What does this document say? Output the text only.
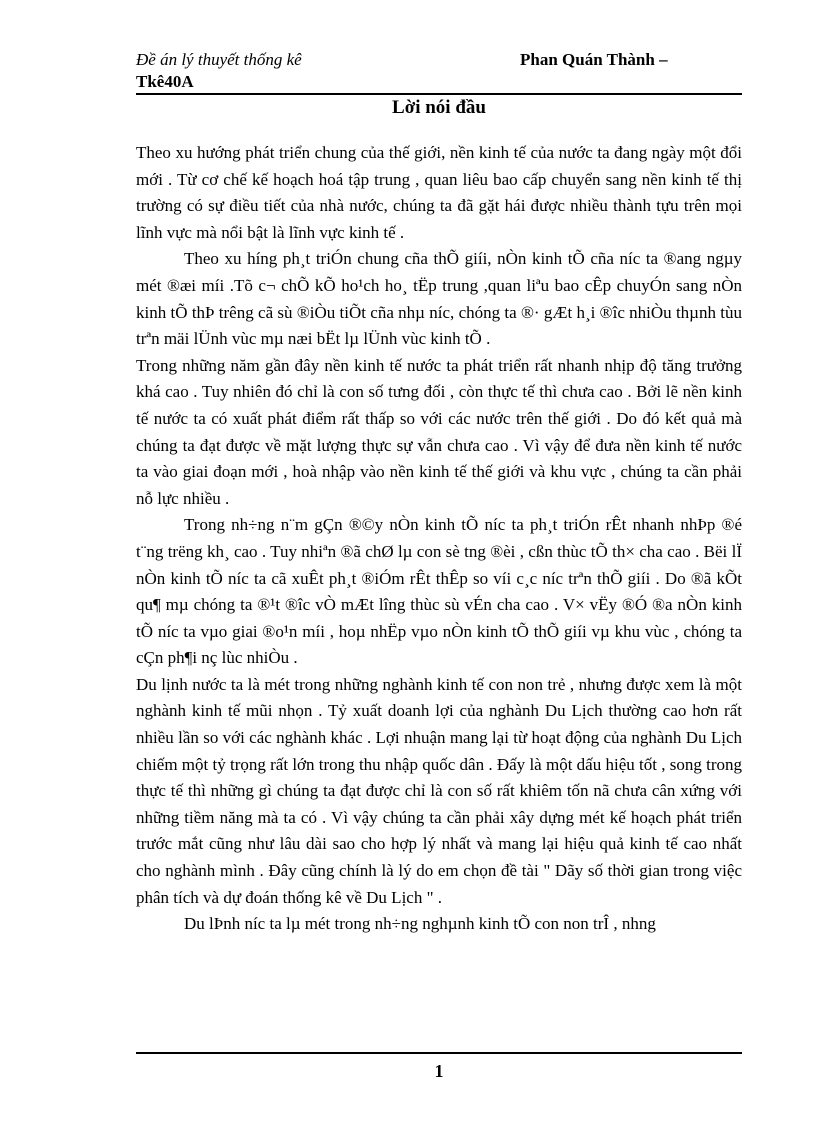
Đề án lý thuyết thống kê	Phan Quán Thành –
Tkê40A
Lời nói đầu

Theo xu hướng phát triển chung của thế giới, nền kinh tế của nước ta đang ngày một đổi mới . Từ cơ chế kế hoạch hoá tập trung , quan liêu bao cấp chuyển sang nền kinh tế thị trường có sự điều tiết của nhà nước, chúng ta đã gặt hái được nhiều thành tựu trên mọi lĩnh vực mà nổi bật là lĩnh vực kinh tế .

Theo xu híng ph¸t triÓn chung cña thÕ giíi, nÒn kinh tÕ cña níc ta ®ang ngµy mét ®æi míi .Tõ c¬ chÕ kÕ ho¹ch ho¸ tËp trung ,quan liªu bao cÊp chuyÓn sang nÒn kinh tÕ thÞ trêng cã sù ®iÒu tiÕt cña nhµ níc, chóng ta ®· gÆt h¸i ®îc nhiÒu thµnh tùu trªn mäi lÜnh vùc mµ næi bËt lµ lÜnh vùc kinh tÕ .

Trong những năm gần đây nền kinh tế nước ta phát triển rất nhanh nhịp độ tăng trưởng khá cao . Tuy nhiên đó chỉ là con số tưng đối , còn thực tế thì chưa cao . Bởi lẽ nền kinh tế nước ta có xuất phát điểm rất thấp so với các nước trên thế giới . Do đó kết quả mà chúng ta đạt được về mặt lượng thực sự vẫn chưa cao . Vì vậy để đưa nền kinh tế nước ta vào giai đoạn mới , hoà nhập vào nền kinh tế thế giới và khu vực , chúng ta cần phải nỗ lực nhiều .

Trong nh÷ng n¨m gÇn ®©y nÒn kinh tÕ níc ta ph¸t triÓn rÊt nhanh nhÞp ®é t¨ng trëng kh¸ cao . Tuy nhiªn ®ã chØ lµ con sè tng ®èi , cßn thùc tÕ th× cha cao . Bëi lÏ nÒn kinh tÕ níc ta cã xuÊt ph¸t ®iÓm rÊt thÊp so víi c¸c níc trªn thÕ giíi . Do ®ã kÕt qu¶ mµ chóng ta ®¹t ®îc vÒ mÆt lîng thùc sù vÉn cha cao . V× vËy ®Ó ®a nÒn kinh tÕ níc ta vµo giai ®o¹n míi , hoµ nhËp vµo nÒn kinh tÕ thÕ giíi vµ khu vùc , chóng ta cÇn ph¶i nç lùc nhiÒu .

Du lịnh nước ta là mét trong những nghành kinh tế con non trẻ , nhưng được xem là một nghành kinh tế mũi nhọn . Tỷ xuất doanh lợi của nghành Du Lịch thường cao hơn rất nhiều lần so với các nghành khác . Lợi nhuận mang lại từ hoạt động của nghành Du Lịch chiếm một tỷ trọng rất lớn trong thu nhập quốc dân . Đấy là một dấu hiệu tốt , song trong thực tế thì những gì chúng ta đạt được chỉ là con số rất khiêm tốn nã chưa cân xứng với những tiềm năng mà ta có . Vì vậy chúng ta cần phải xây dựng mét kế hoạch phát triển trước mắt cũng như lâu dài sao cho hợp lý nhất và mang lại hiệu quả kinh tế cao nhất cho nghành mình . Đây cũng chính là lý do em chọn đề tài " Dãy số thời gian trong việc phân tích và dự đoán thống kê về Du Lịch " .

Du lÞnh níc ta lµ mét trong nh÷ng nghµnh kinh tÕ con non trÎ , nhng

1
